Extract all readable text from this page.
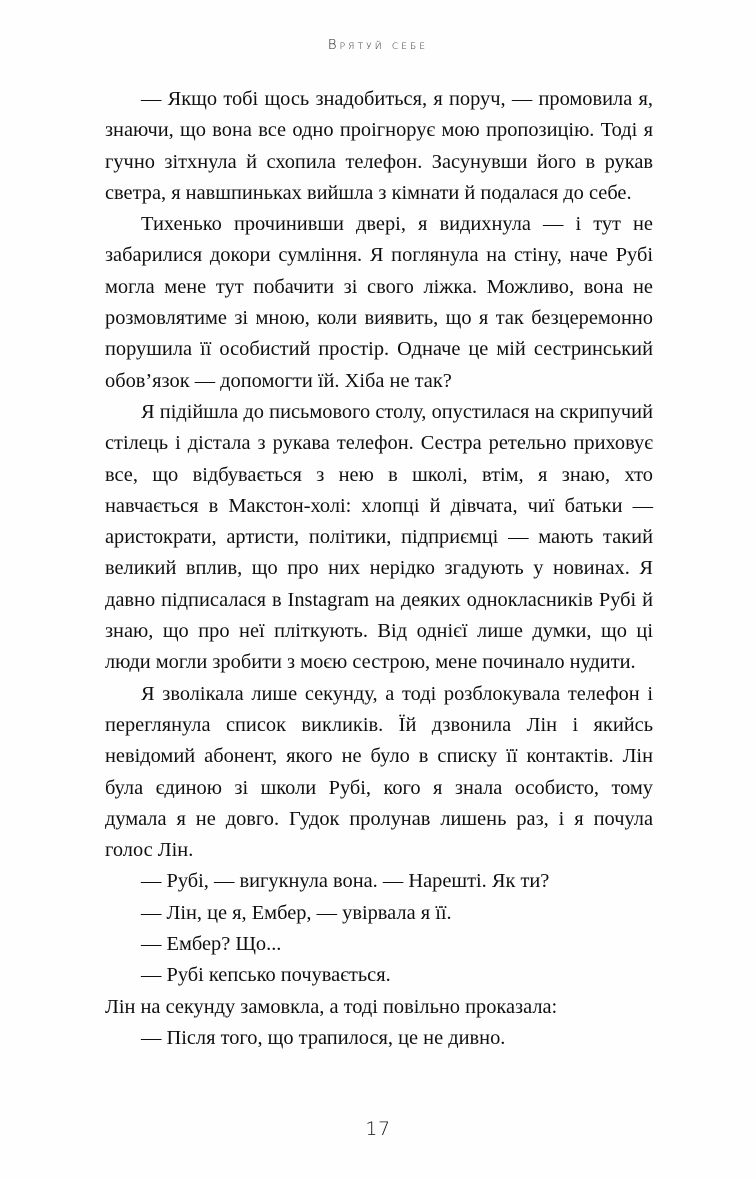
Врятуй себе

— Якщо тобі щось знадобиться, я поруч, — промовила я, знаючи, що вона все одно проігнорує мою пропозицію. Тоді я гучно зітхнула й схопила телефон. Засунувши його в рукав светра, я навшпиньках вийшла з кімнати й подалася до себе.

Тихенько прочинивши двері, я видихнула — і тут не забарилися докори сумління. Я поглянула на стіну, наче Рубі могла мене тут побачити зі свого ліжка. Можливо, вона не розмовлятиме зі мною, коли виявить, що я так безцеремонно порушила її особистий простір. Одначе це мій сестринський обов’язок — допомогти їй. Хіба не так?

Я підійшла до письмового столу, опустилася на скрипучий стілець і дістала з рукава телефон. Сестра ретельно приховує все, що відбувається з нею в школі, втім, я знаю, хто навчається в Макстон-холі: хлопці й дівчата, чиї батьки — аристократи, артисти, політики, підприємці — мають такий великий вплив, що про них нерідко згадують у новинах. Я давно підписалася в Instagram на деяких однокласників Рубі й знаю, що про неї пліткують. Від однієї лише думки, що ці люди могли зробити з моєю сестрою, мене починало нудити.

Я зволікала лише секунду, а тоді розблокувала телефон і переглянула список викликів. Їй дзвонила Лін і якийсь невідомий абонент, якого не було в списку її контактів. Лін була єдиною зі школи Рубі, кого я знала особисто, тому думала я не довго. Гудок пролунав лишень раз, і я почула голос Лін.

— Рубі, — вигукнула вона. — Нарешті. Як ти?

— Лін, це я, Ембер, — увірвала я її.

— Ембер? Що...

— Рубі кепсько почувається.

Лін на секунду замовкла, а тоді повільно проказала:

— Після того, що трапилося, це не дивно.

17
